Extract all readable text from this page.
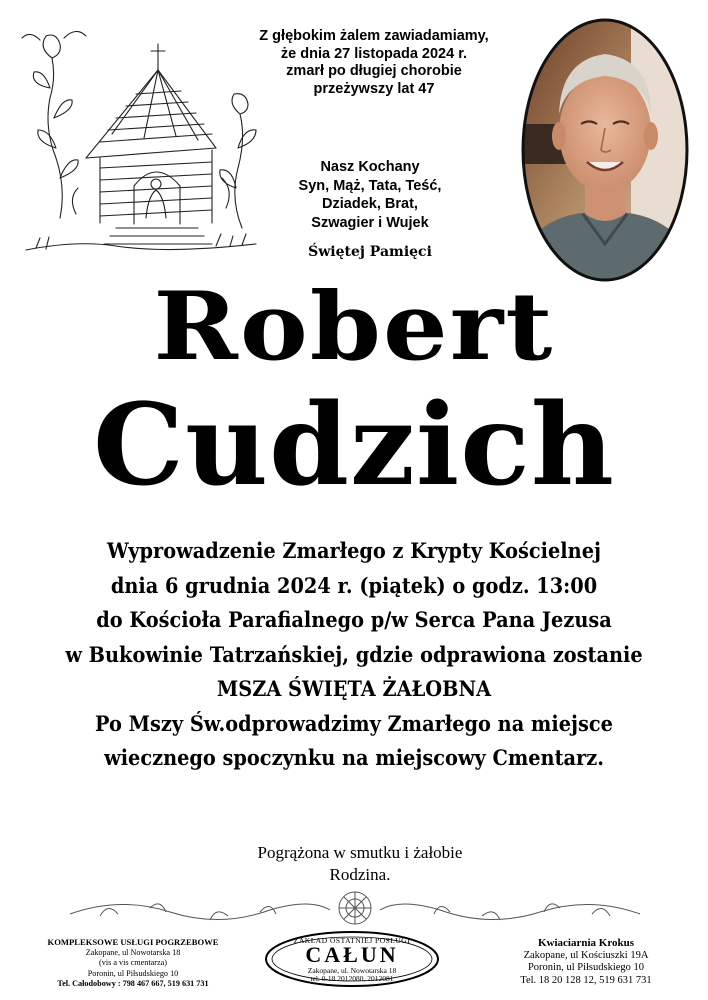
Z głębokim żalem zawiadamiamy,
że dnia 27 listopada 2024 r.
zmarł po długiej chorobie
przeżywszy lat 47
Nasz Kochany
Syn, Mąż, Tata, Teść,
Dziadek, Brat,
Szwagier i Wujek
Świętej Pamięci
Robert
Cudzich
Wyprowadzenie Zmarłego z Krypty Kościelnej
dnia 6 grudnia 2024 r. (piątek) o godz. 13:00
do Kościoła Parafialnego p/w Serca Pana Jezusa
w Bukowinie Tatrzańskiej, gdzie odprawiona zostanie
MSZA ŚWIĘTA ŻAŁOBNA
Po Mszy Św.odprowadzimy Zmarłego na miejsce
wiecznego spoczynku na miejscowy Cmentarz.
Pogrążona w smutku i żałobie
Rodzina.
KOMPLEKSOWE USŁUGI POGRZEBOWE
Zakopane, ul Nowotarska 18
(vis a vis cmentarza)
Poronin, ul Piłsudskiego 10
Tel. Całodobowy : 798 467 667, 519 631 731
ZAKŁAD OSTATNIEJ POSŁUGI
CAŁUN
Zakopane, ul. Nowotarska 18
tel. 0-18 2012080, 2012081
Kwiaciarnia Krokus
Zakopane, ul Kościuszki 19A
Poronin, ul Piłsudskiego 10
Tel. 18 20 128 12, 519 631 731
